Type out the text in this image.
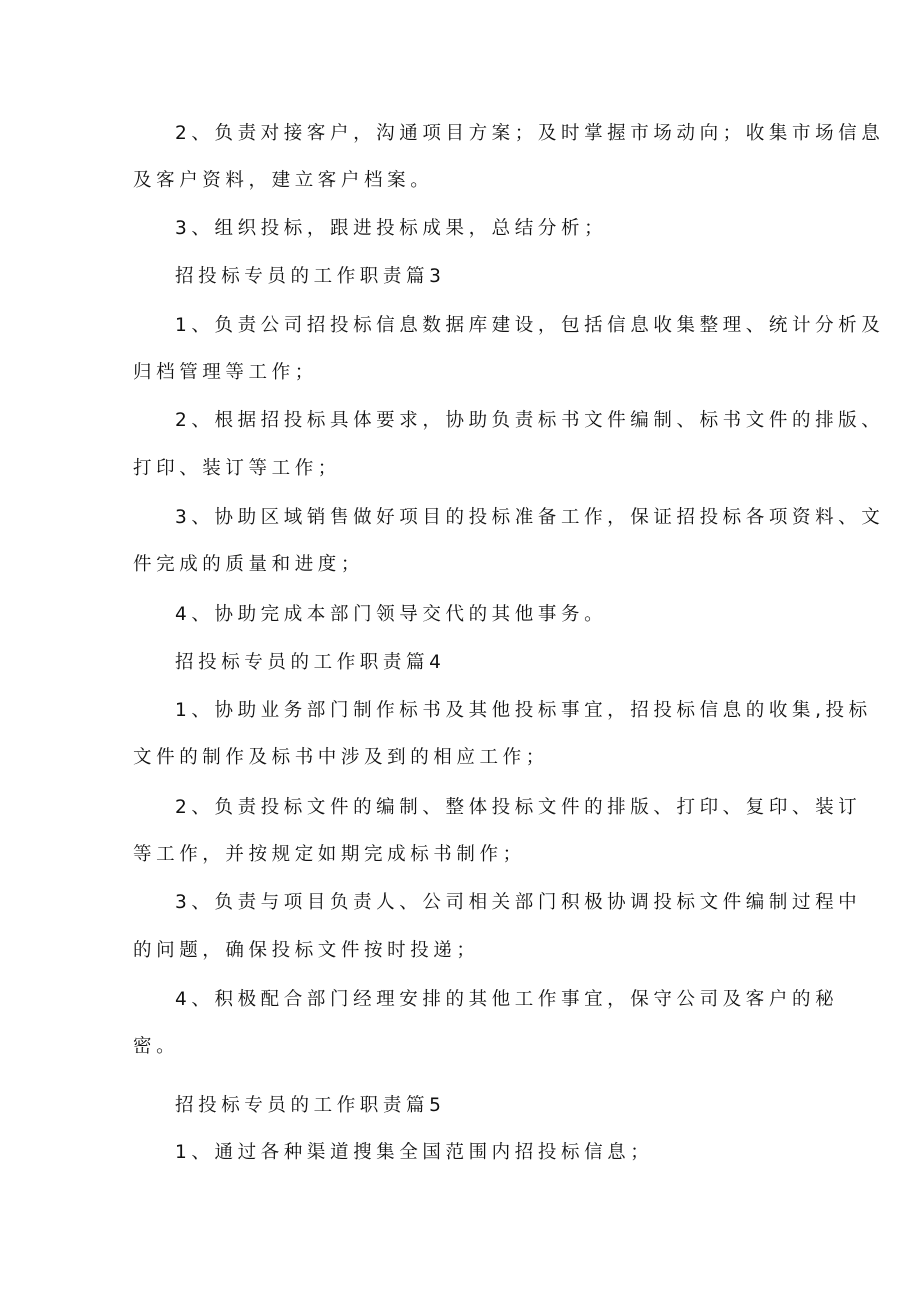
2、负责对接客户，沟通项目方案；及时掌握市场动向；收集市场信息
及客户资料，建立客户档案。
3、组织投标，跟进投标成果，总结分析；
招投标专员的工作职责篇3
1、负责公司招投标信息数据库建设，包括信息收集整理、统计分析及
归档管理等工作；
2、根据招投标具体要求，协助负责标书文件编制、标书文件的排版、
打印、装订等工作；
3、协助区域销售做好项目的投标准备工作，保证招投标各项资料、文
件完成的质量和进度；
4、协助完成本部门领导交代的其他事务。
招投标专员的工作职责篇4
1、协助业务部门制作标书及其他投标事宜，招投标信息的收集,投标
文件的制作及标书中涉及到的相应工作；
2、负责投标文件的编制、整体投标文件的排版、打印、复印、装订
等工作，并按规定如期完成标书制作；
3、负责与项目负责人、公司相关部门积极协调投标文件编制过程中
的问题，确保投标文件按时投递；
4、积极配合部门经理安排的其他工作事宜，保守公司及客户的秘
密。
招投标专员的工作职责篇5
1、通过各种渠道搜集全国范围内招投标信息；
